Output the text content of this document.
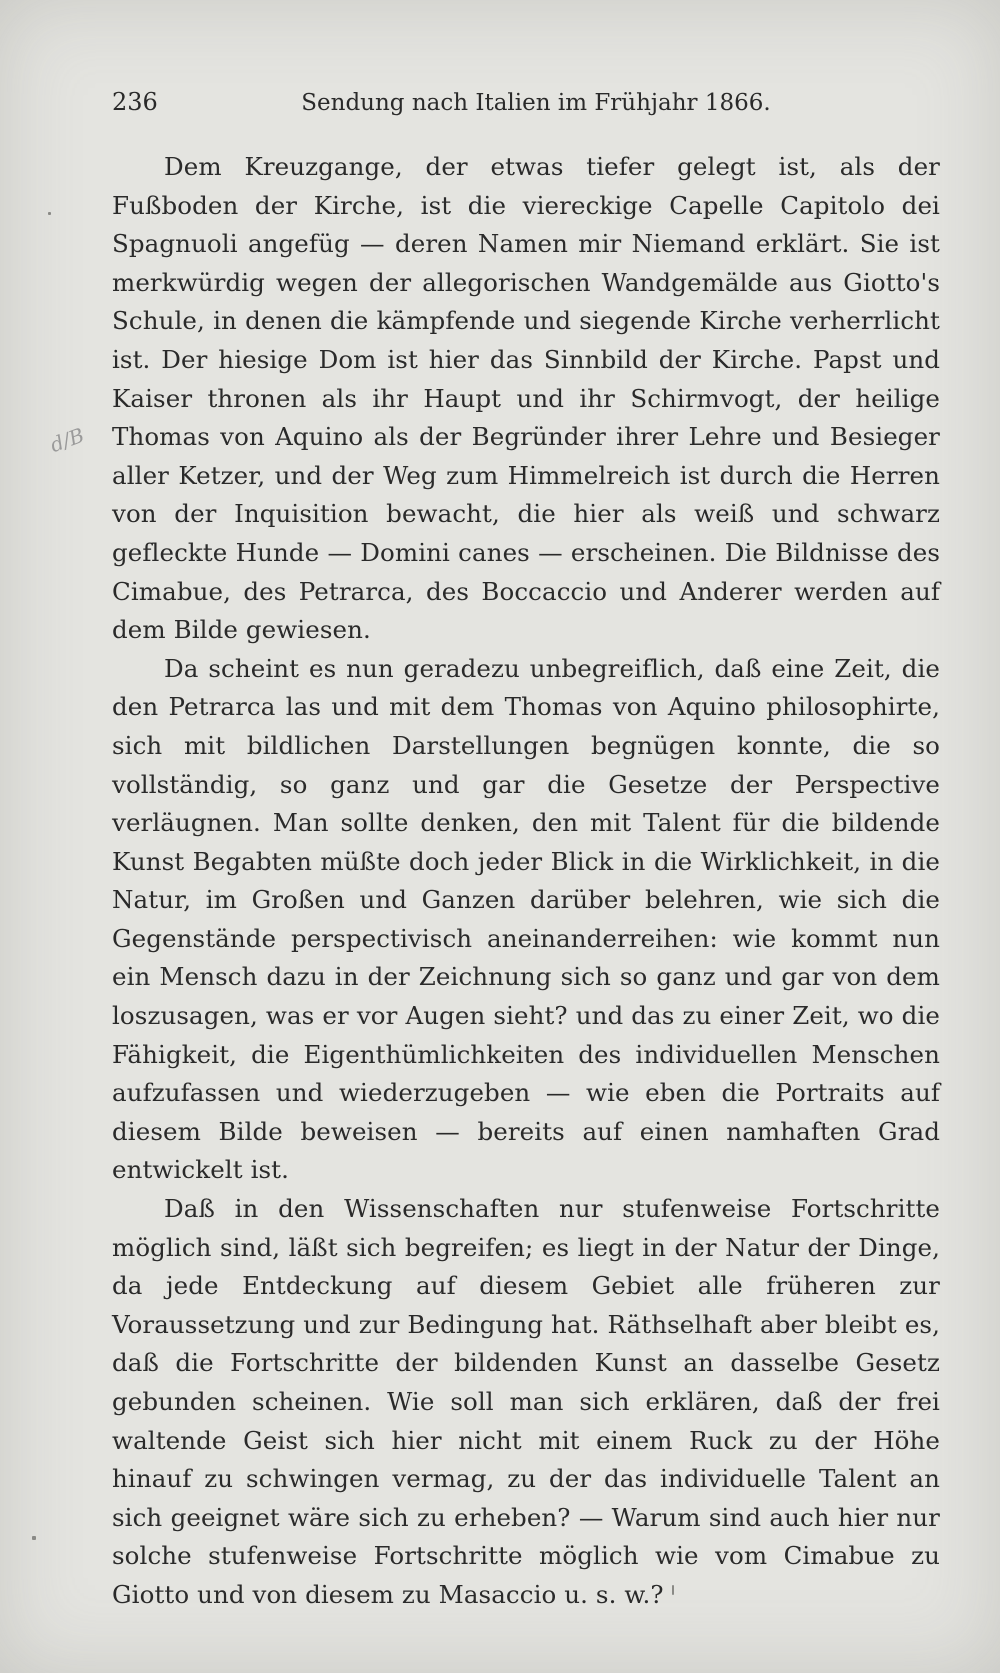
d/B
236	Sendung nach Italien im Frühjahr 1866.

Dem Kreuzgange, der etwas tiefer gelegt ist, als der Fußboden der Kirche, ist die viereckige Capelle Capitolo dei Spagnuoli angefüg — deren Namen mir Niemand erklärt. Sie ist merkwürdig wegen der allegorischen Wandgemälde aus Giotto's Schule, in denen die kämpfende und siegende Kirche verherrlicht ist. Der hiesige Dom ist hier das Sinnbild der Kirche. Papst und Kaiser thronen als ihr Haupt und ihr Schirmvogt, der heilige Thomas von Aquino als der Begründer ihrer Lehre und Besieger aller Ketzer, und der Weg zum Himmelreich ist durch die Herren von der Inquisition bewacht, die hier als weiß und schwarz gefleckte Hunde — Domini canes — erscheinen. Die Bildnisse des Cimabue, des Petrarca, des Boccaccio und Anderer werden auf dem Bilde gewiesen.

Da scheint es nun geradezu unbegreiflich, daß eine Zeit, die den Petrarca las und mit dem Thomas von Aquino philosophirte, sich mit bildlichen Darstellungen begnügen konnte, die so vollständig, so ganz und gar die Gesetze der Perspective verläugnen. Man sollte denken, den mit Talent für die bildende Kunst Begabten müßte doch jeder Blick in die Wirklichkeit, in die Natur, im Großen und Ganzen darüber belehren, wie sich die Gegenstände perspectivisch aneinanderreihen: wie kommt nun ein Mensch dazu in der Zeichnung sich so ganz und gar von dem loszusagen, was er vor Augen sieht? und das zu einer Zeit, wo die Fähigkeit, die Eigenthümlichkeiten des individuellen Menschen aufzufassen und wiederzugeben — wie eben die Portraits auf diesem Bilde beweisen — bereits auf einen namhaften Grad entwickelt ist.

Daß in den Wissenschaften nur stufenweise Fortschritte möglich sind, läßt sich begreifen; es liegt in der Natur der Dinge, da jede Entdeckung auf diesem Gebiet alle früheren zur Voraussetzung und zur Bedingung hat. Räthselhaft aber bleibt es, daß die Fortschritte der bildenden Kunst an dasselbe Gesetz gebunden scheinen. Wie soll man sich erklären, daß der frei waltende Geist sich hier nicht mit einem Ruck zu der Höhe hinauf zu schwingen vermag, zu der das individuelle Talent an sich geeignet wäre sich zu erheben? — Warum sind auch hier nur solche stufenweise Fortschritte möglich wie vom Cimabue zu Giotto und von diesem zu Masaccio u. s. w.?
